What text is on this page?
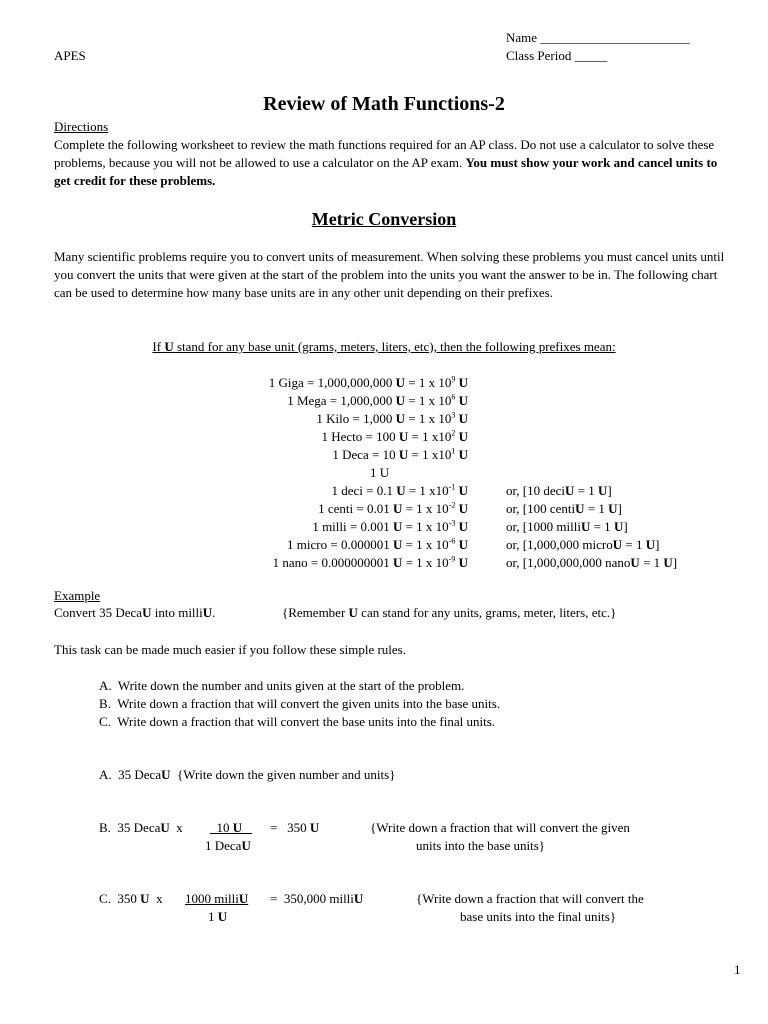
Name _______________________
APES	Class Period _____
Review of Math Functions-2
Directions
Complete the following worksheet to review the math functions required for an AP class. Do not use a calculator to solve these problems, because you will not be allowed to use a calculator on the AP exam. You must show your work and cancel units to get credit for these problems.
Metric Conversion
Many scientific problems require you to convert units of measurement. When solving these problems you must cancel units until you convert the units that were given at the start of the problem into the units you want the answer to be in. The following chart can be used to determine how many base units are in any other unit depending on their prefixes.
If U stand for any base unit (grams, meters, liters, etc), then the following prefixes mean:
1 Giga = 1,000,000,000 U = 1 x $10^9$ U
1 Mega = 1,000,000 U = 1 x $10^6$ U
1 Kilo = 1,000 U = 1 x $10^3$ U
1 Hecto = 100 U = 1 $x10^2$ U
1 Deca = 10 U = 1 $x10^1$ U
1 deci = 0.1 U = 1 $x10^{-1}$ U	or, [10 deciU = 1 U]
1 centi = 0.01 U = 1 x $10^{-2}$ U	or, [100 centiU = 1 U]
1 milli = 0.001 U = 1 x $10^{-3}$ U	or, [1000 milliU = 1 U]
1 micro = 0.000001 U = 1 x $10^{-6}$ U	or, [1,000,000 microU = 1 U]
1 nano = 0.000000001 U = 1 x $10^{-9}$ U	or, [1,000,000,000 nanoU = 1 U]
1 U
Example
Convert 35 DecaU into milliU.	{Remember U can stand for any units, grams, meter, liters, etc.}
This task can be made much easier if you follow these simple rules.
A. Write down the number and units given at the start of the problem.
B. Write down a fraction that will convert the given units into the base units.
C. Write down a fraction that will convert the base units into the final units.
A. 35 DecaU {Write down the given number and units}
B. 35 DecaU x	10 U	= 350 U
1 DecaU
{Write down a fraction that will convert the given
units into the base units}
C. 350 U x 1000 milliU = 350,000 milliU
1 U
{Write down a fraction that will convert the
base units into the final units}
1
